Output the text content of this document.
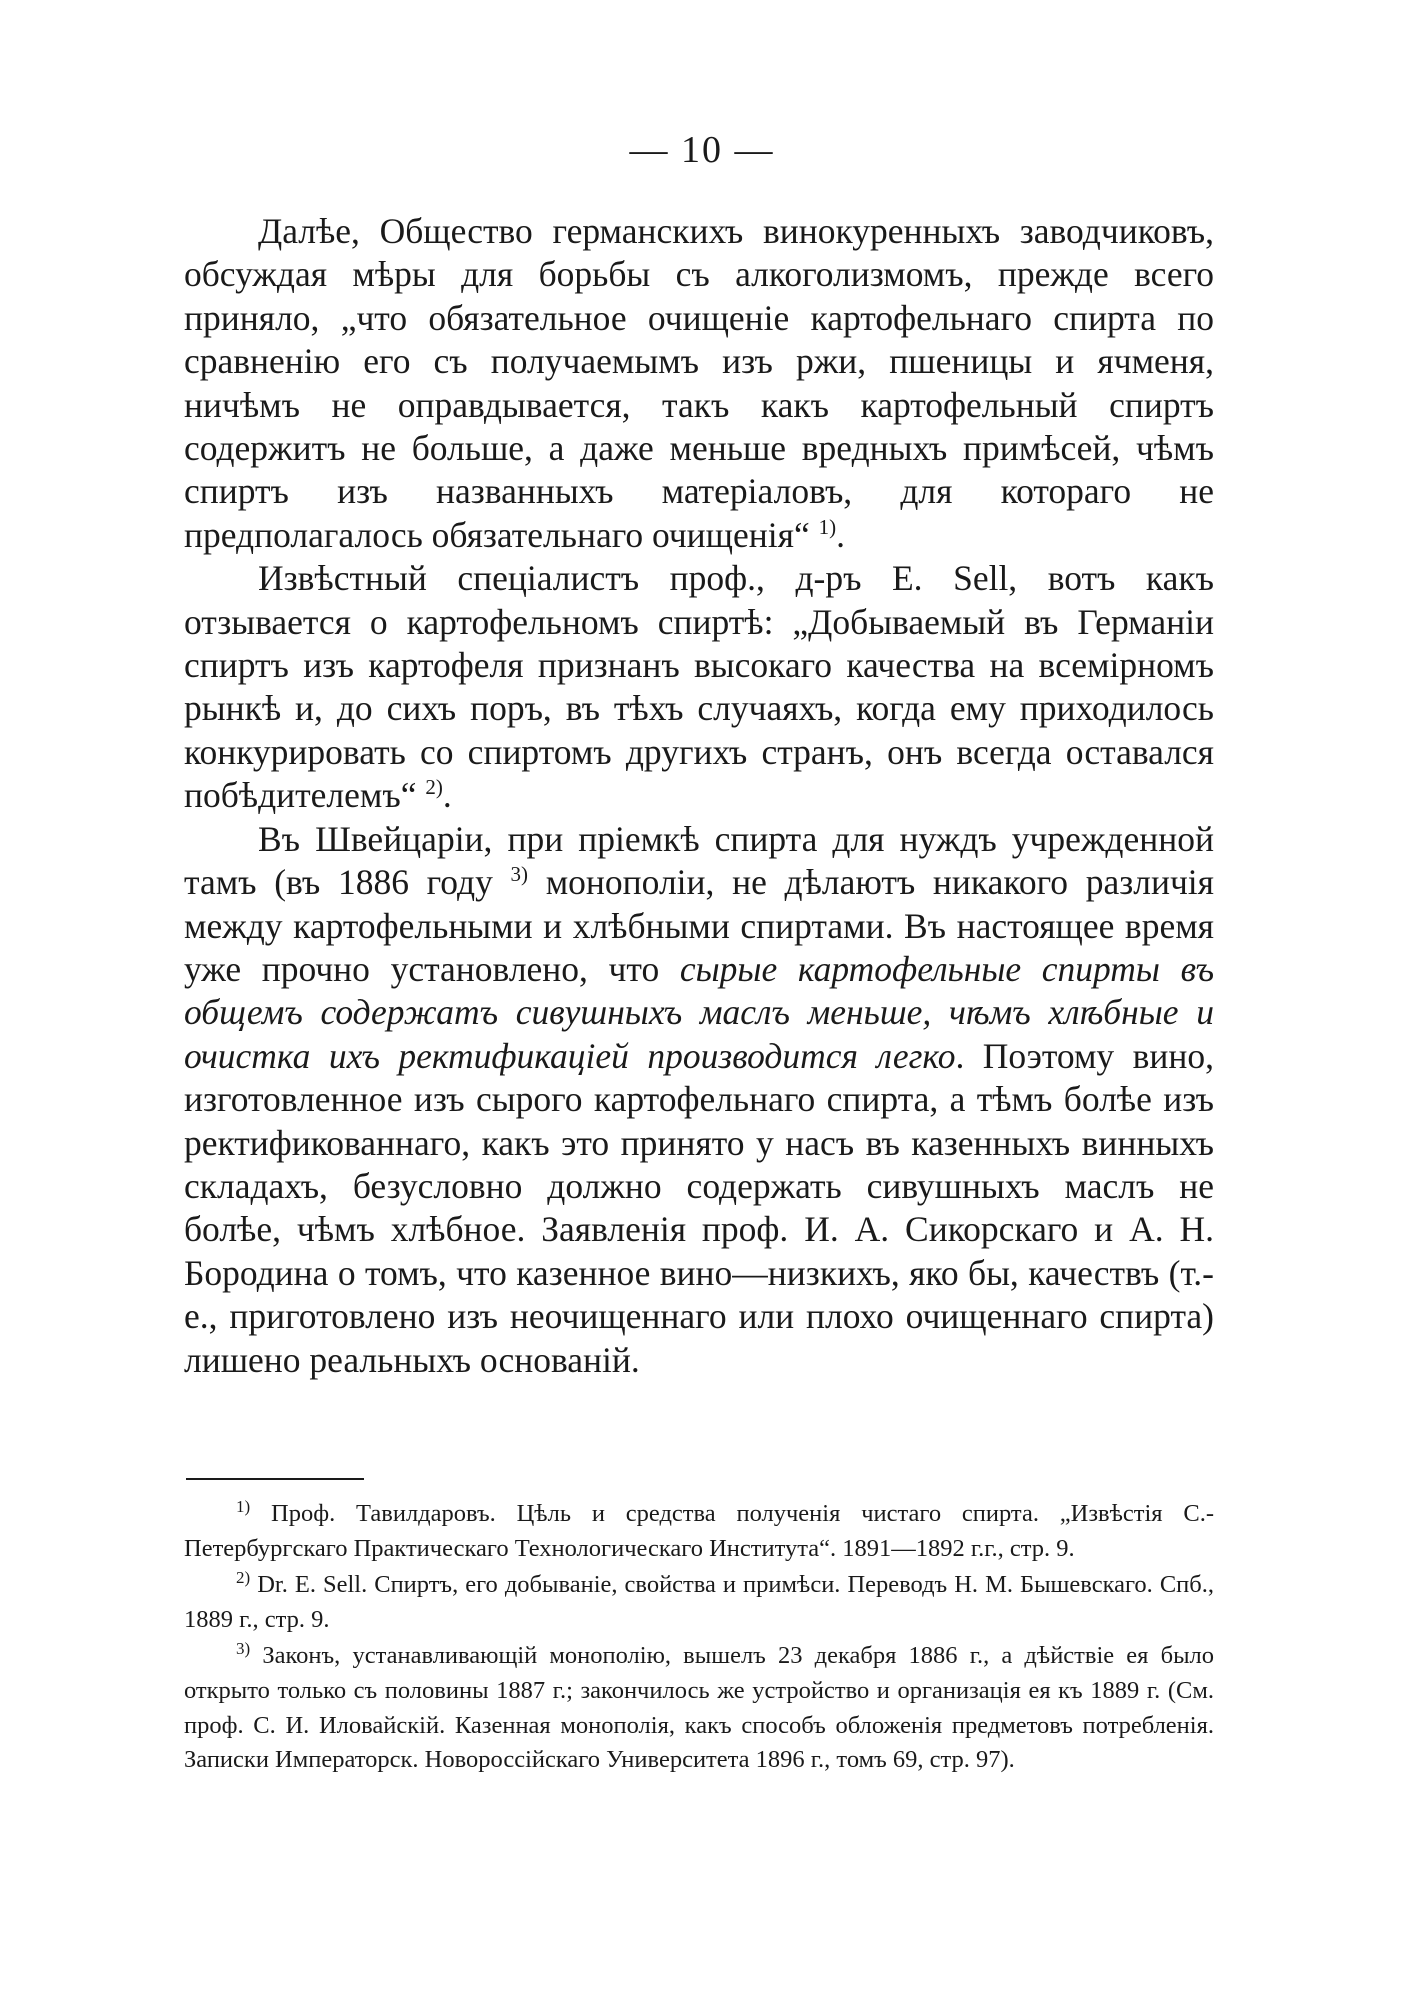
— 10 —

Далѣе, Общество германскихъ винокуренныхъ заводчиковъ, обсуждая мѣры для борьбы съ алкоголизмомъ, прежде всего приняло, „что обязательное очищеніе картофельнаго спирта по сравненію его съ получаемымъ изъ ржи, пшеницы и ячменя, ничѣмъ не оправдывается, такъ какъ картофельный спиртъ содержитъ не больше, а даже меньше вредныхъ примѣсей, чѣмъ спиртъ изъ названныхъ матеріаловъ, для котораго не предполагалось обязательнаго очищенія“ $^{1)}$.

Извѣстный спеціалистъ проф., д-ръ E. Sell, вотъ какъ отзывается о картофельномъ спиртѣ: „Добываемый въ Германіи спиртъ изъ картофеля признанъ высокаго качества на всемірномъ рынкѣ и, до сихъ поръ, въ тѣхъ случаяхъ, когда ему приходилось конкурировать со спиртомъ другихъ странъ, онъ всегда оставался побѣдителемъ“ $^{2)}$.

Въ Швейцаріи, при пріемкѣ спирта для нуждъ учрежденной тамъ (въ 1886 году $^{3)}$ монополіи, не дѣлаютъ никакого различія между картофельными и хлѣбными спиртами. Въ настоящее время уже прочно установлено, что сырые картофельные спирты въ общемъ содержатъ сивушныхъ маслъ меньше, чѣмъ хлѣбные и очистка ихъ ректификаціей производится легко. Поэтому вино, изготовленное изъ сырого картофельнаго спирта, а тѣмъ болѣе изъ ректификованнаго, какъ это принято у насъ въ казенныхъ винныхъ складахъ, безусловно должно содержать сивушныхъ маслъ не болѣе, чѣмъ хлѣбное. Заявленія проф. И. А. Сикорскаго и А. Н. Бородина о томъ, что казенное вино—низкихъ, яко бы, качествъ (т.-е., приготовлено изъ неочищеннаго или плохо очищеннаго спирта) лишено реальныхъ основаній.

$^{1)}$ Проф. Тавилдаровъ. Цѣль и средства полученія чистаго спирта. „Извѣстія С.-Петербургскаго Практическаго Технологическаго Института“. 1891—1892 г.г., стр. 9.

$^{2)}$ Dr. E. Sell. Спиртъ, его добываніе, свойства и примѣси. Переводъ Н. М. Бышевскаго. Спб., 1889 г., стр. 9.

$^{3)}$ Законъ, устанавливающій монополію, вышелъ 23 декабря 1886 г., а дѣйствіе ея было открыто только съ половины 1887 г.; закончилось же устройство и организація ея къ 1889 г. (См. проф. С. И. Иловайскій. Казенная монополія, какъ способъ обложенія предметовъ потребленія. Записки Императорск. Новороссійскаго Университета 1896 г., томъ 69, стр. 97).
